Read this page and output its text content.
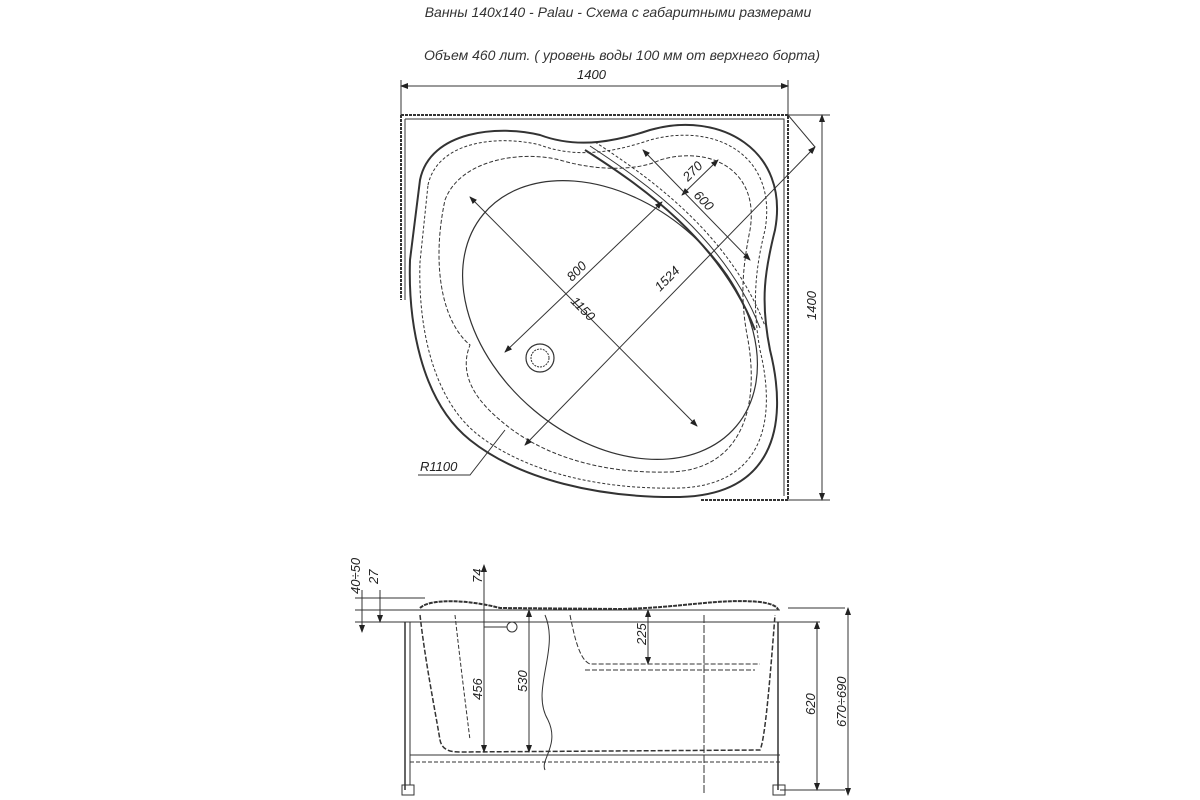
Ванны 140x140 - Palau - Схема с габаритными размерами
Объем 460 лит. ( уровень воды 100 мм от верхнего борта)
1400
1400
1524
1150
800
270
600
R1100
40÷50 27	74
456 530
225
620 670÷690
